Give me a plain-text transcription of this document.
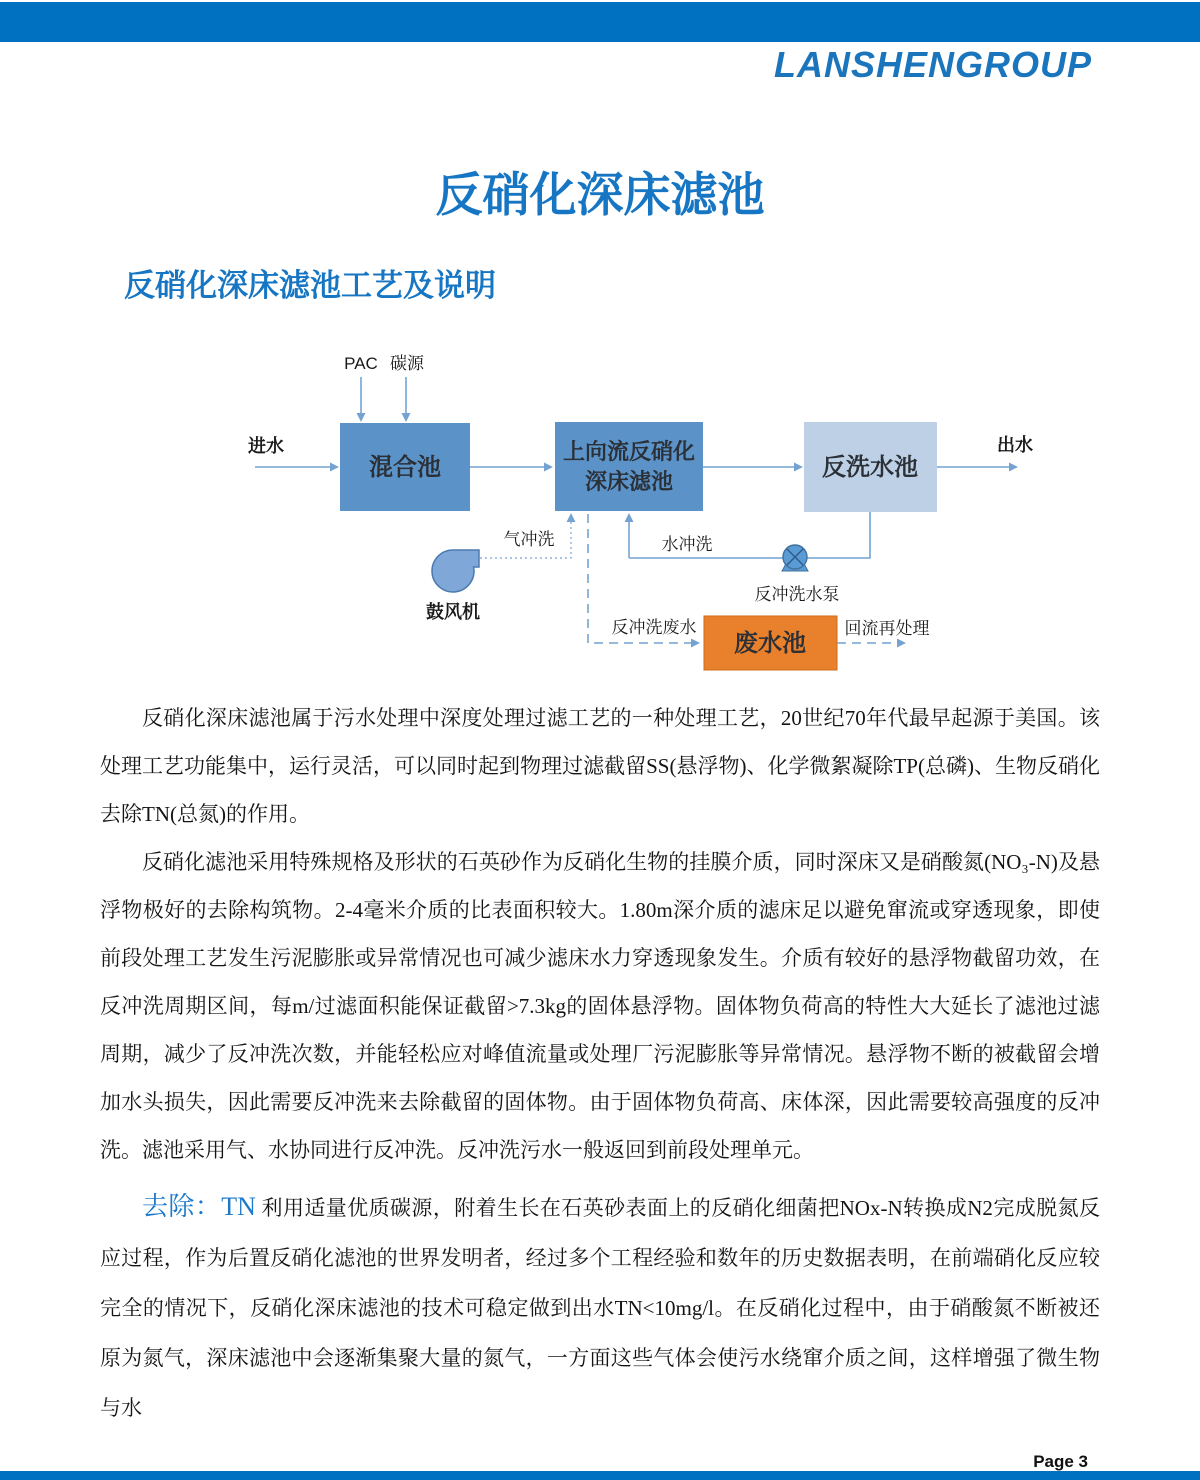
LANSHENGROUP
反硝化深床滤池
反硝化深床滤池工艺及说明
PAC 碳源
进水
混合池
上向流反硝化
深床滤池
反洗水池
出水
水冲洗
反冲洗水泵
鼓风机
气冲洗
反冲洗废水
废水池
回流再处理

反硝化深床滤池属于污水处理中深度处理过滤工艺的一种处理工艺，20世纪70年代最早起源于美国。该处理工艺功能集中，运行灵活，可以同时起到物理过滤截留SS(悬浮物)、化学微絮凝除TP(总磷)、生物反硝化去除TN(总氮)的作用。

反硝化滤池采用特殊规格及形状的石英砂作为反硝化生物的挂膜介质，同时深床又是硝酸氮(NO₃-N)及悬浮物极好的去除构筑物。2-4毫米介质的比表面积较大。1.80m深介质的滤床足以避免窜流或穿透现象，即使前段处理工艺发生污泥膨胀或异常情况也可减少滤床水力穿透现象发生。介质有较好的悬浮物截留功效，在反冲洗周期区间，每m/过滤面积能保证截留>7.3kg的固体悬浮物。固体物负荷高的特性大大延长了滤池过滤周期，减少了反冲洗次数，并能轻松应对峰值流量或处理厂污泥膨胀等异常情况。悬浮物不断的被截留会增加水头损失，因此需要反冲洗来去除截留的固体物。由于固体物负荷高、床体深，因此需要较高强度的反冲洗。滤池采用气、水协同进行反冲洗。反冲洗污水一般返回到前段处理单元。

去除：TN 利用适量优质碳源，附着生长在石英砂表面上的反硝化细菌把NOx-N转换成N2完成脱氮反应过程，作为后置反硝化滤池的世界发明者，经过多个工程经验和数年的历史数据表明，在前端硝化反应较完全的情况下，反硝化深床滤池的技术可稳定做到出水TN<10mg/l。在反硝化过程中，由于硝酸氮不断被还原为氮气，深床滤池中会逐渐集聚大量的氮气，一方面这些气体会使污水绕窜介质之间，这样增强了微生物与水

Page 3
